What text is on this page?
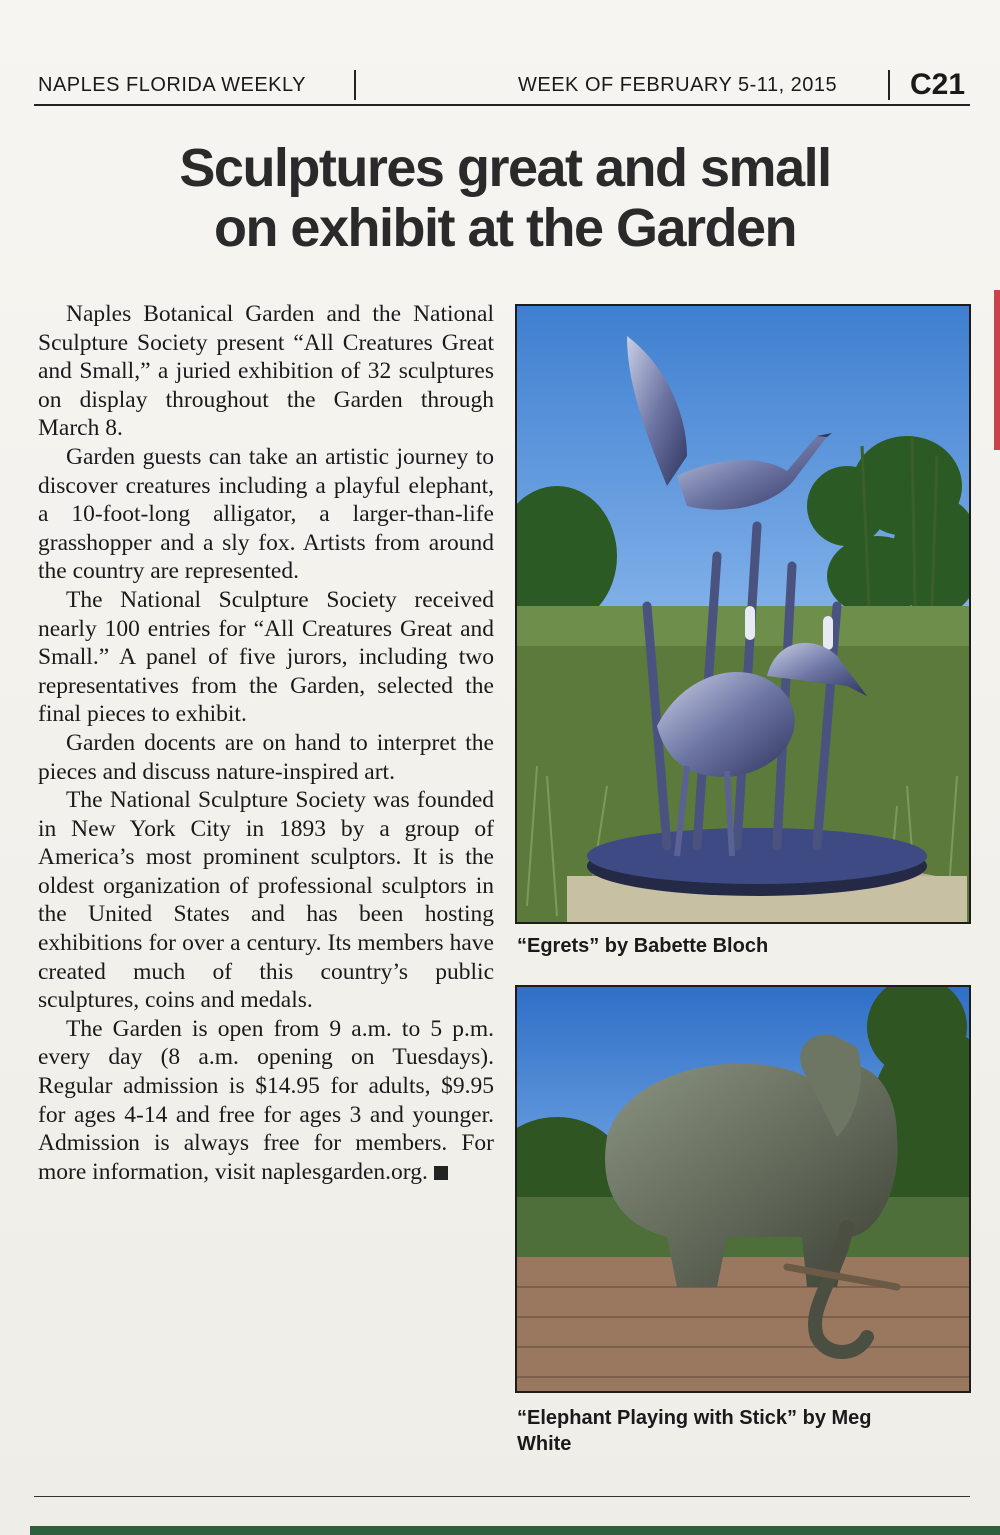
NAPLES FLORIDA WEEKLY	WEEK OF FEBRUARY 5-11, 2015 C21
Sculptures great and small
on exhibit at the Garden

Naples Botanical Garden and the National Sculpture Society present “All Creatures Great and Small,” a juried exhibition of 32 sculptures on display throughout the Garden through March 8.

Garden guests can take an artistic journey to discover creatures including a playful elephant, a 10-foot-long alligator, a larger-than-life grasshopper and a sly fox. Artists from around the country are represented.

The National Sculpture Society received nearly 100 entries for “All Creatures Great and Small.” A panel of five jurors, including two representatives from the Garden, selected the final pieces to exhibit.

Garden docents are on hand to interpret the pieces and discuss nature-inspired art.

The National Sculpture Society was founded in New York City in 1893 by a group of America’s most prominent sculptors. It is the oldest organization of professional sculptors in the United States and has been hosting exhibitions for over a century. Its members have created much of this country’s public sculptures, coins and medals.

The Garden is open from 9 a.m. to 5 p.m. every day (8 a.m. opening on Tuesdays). Regular admission is $14.95 for adults, $9.95 for ages 4-14 and free for ages 3 and younger. Admission is always free for members. For more information, visit naplesgarden.org.

“Egrets” by Babette Bloch
“Elephant Playing with Stick” by Meg White
